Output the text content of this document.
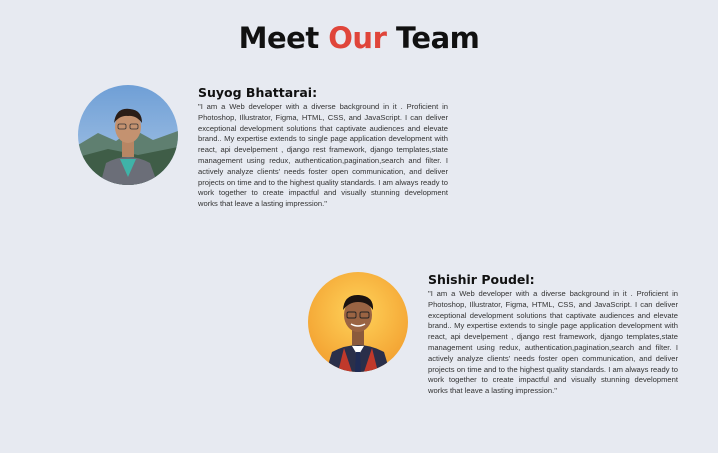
Meet Our Team
Suyog Bhattarai:

"I am a Web developer with a diverse background in it . Proficient in Photoshop, Illustrator, Figma, HTML, CSS, and JavaScript. I can deliver exceptional development solutions that captivate audiences and elevate brand.. My expertise extends to single page application development with react, api develpement , django rest framework, django templates,state management using redux, authentication,pagination,search and filter. I actively analyze clients' needs foster open communication, and deliver projects on time and to the highest quality standards. I am always ready to work together to create impactful and visually stunning development works that leave a lasting impression."

Shishir Poudel:

"I am a Web developer with a diverse background in it . Proficient in Photoshop, Illustrator, Figma, HTML, CSS, and JavaScript. I can deliver exceptional development solutions that captivate audiences and elevate brand.. My expertise extends to single page application development with react, api develpement , django rest framework, django templates,state management using redux, authentication,pagination,search and filter. I actively analyze clients' needs foster open communication, and deliver projects on time and to the highest quality standards. I am always ready to work together to create impactful and visually stunning development works that leave a lasting impression."
